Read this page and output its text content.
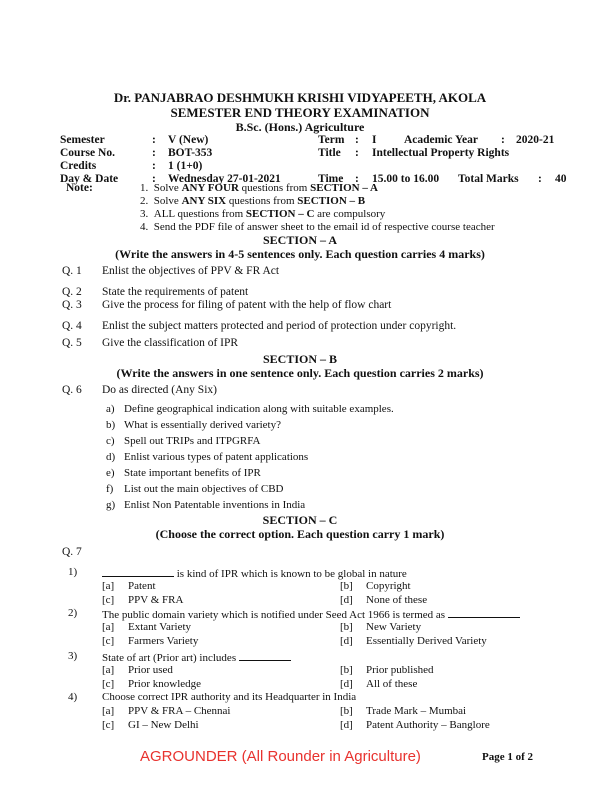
Dr. PANJABRAO DESHMUKH KRISHI VIDYAPEETH, AKOLA
SEMESTER END THEORY EXAMINATION
B.Sc. (Hons.) Agriculture
Semester	: V (New)	Term : I Academic Year : 2020-21
Course No.	: BOT-353	Title : Intellectual Property Rights
Credits	: 1 (1+0)
Day & Date	: Wednesday 27-01-2021	Time : 15.00 to 16.00 Total Marks : 40
Note:	1. Solve ANY FOUR questions from SECTION – A
2. Solve ANY SIX questions from SECTION – B
3. ALL questions from SECTION – C are compulsory
4. Send the PDF file of answer sheet to the email id of respective course teacher
SECTION – A
(Write the answers in 4-5 sentences only. Each question carries 4 marks)
Q. 1 Enlist the objectives of PPV & FR Act
Q. 2 State the requirements of patent
Q. 3 Give the process for filing of patent with the help of flow chart
Q. 4 Enlist the subject matters protected and period of protection under copyright.
Q. 5 Give the classification of IPR
SECTION – B
(Write the answers in one sentence only. Each question carries 2 marks)
Q. 6 Do as directed (Any Six)
a) Define geographical indication along with suitable examples.
b) What is essentially derived variety?
c) Spell out TRIPs and ITPGRFA
d) Enlist various types of patent applications
e) State important benefits of IPR
f) List out the main objectives of CBD
g) Enlist Non Patentable inventions in India
SECTION – C
(Choose the correct option. Each question carry 1 mark)
Q. 7
1)	is kind of IPR which is known to be global in nature
[a] Patent	[b] Copyright
[c] PPV & FRA	[d] None of these
2) The public domain variety which is notified under Seed Act 1966 is termed as
[a] Extant Variety	[b] New Variety
[c] Farmers Variety	[d] Essentially Derived Variety
3) State of art (Prior art) includes
[a] Prior used	[b] Prior published
[c] Prior knowledge	[d] All of these
4) Choose correct IPR authority and its Headquarter in India
[a] PPV & FRA – Chennai	[b] Trade Mark – Mumbai
[c] GI – New Delhi	[d] Patent Authority – Banglore
AGROUNDER (All Rounder in Agriculture)	Page 1 of 2
